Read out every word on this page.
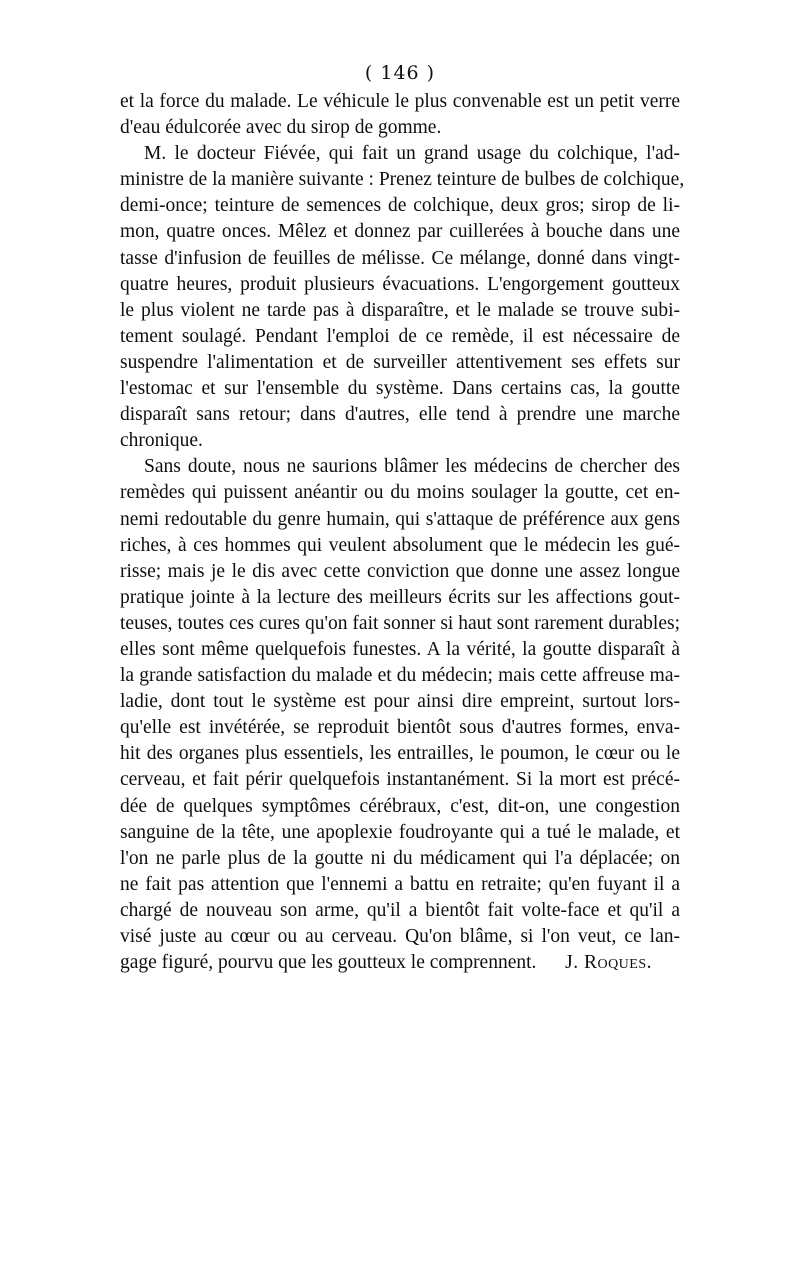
( 146 )

et la force du malade. Le véhicule le plus convenable est un petit verre
d'eau édulcorée avec du sirop de gomme.

M. le docteur Fiévée, qui fait un grand usage du colchique, l'ad-
ministre de la manière suivante : Prenez teinture de bulbes de colchique,
demi-once; teinture de semences de colchique, deux gros; sirop de li-
mon, quatre onces. Mêlez et donnez par cuillerées à bouche dans une
tasse d'infusion de feuilles de mélisse. Ce mélange, donné dans vingt-
quatre heures, produit plusieurs évacuations. L'engorgement goutteux
le plus violent ne tarde pas à disparaître, et le malade se trouve subi-
tement soulagé. Pendant l'emploi de ce remède, il est nécessaire de
suspendre l'alimentation et de surveiller attentivement ses effets sur
l'estomac et sur l'ensemble du système. Dans certains cas, la goutte
disparaît sans retour; dans d'autres, elle tend à prendre une marche
chronique.

Sans doute, nous ne saurions blâmer les médecins de chercher des
remèdes qui puissent anéantir ou du moins soulager la goutte, cet en-
nemi redoutable du genre humain, qui s'attaque de préférence aux gens
riches, à ces hommes qui veulent absolument que le médecin les gué-
risse; mais je le dis avec cette conviction que donne une assez longue
pratique jointe à la lecture des meilleurs écrits sur les affections gout-
teuses, toutes ces cures qu'on fait sonner si haut sont rarement durables;
elles sont même quelquefois funestes. A la vérité, la goutte disparaît à
la grande satisfaction du malade et du médecin; mais cette affreuse ma-
ladie, dont tout le système est pour ainsi dire empreint, surtout lors-
qu'elle est invétérée, se reproduit bientôt sous d'autres formes, enva-
hit des organes plus essentiels, les entrailles, le poumon, le cœur ou le
cerveau, et fait périr quelquefois instantanément. Si la mort est précé-
dée de quelques symptômes cérébraux, c'est, dit-on, une congestion
sanguine de la tête, une apoplexie foudroyante qui a tué le malade, et
l'on ne parle plus de la goutte ni du médicament qui l'a déplacée; on
ne fait pas attention que l'ennemi a battu en retraite; qu'en fuyant il a
chargé de nouveau son arme, qu'il a bientôt fait volte-face et qu'il a
visé juste au cœur ou au cerveau. Qu'on blâme, si l'on veut, ce lan-
gage figuré, pourvu que les goutteux le comprennent. J. Roques.
